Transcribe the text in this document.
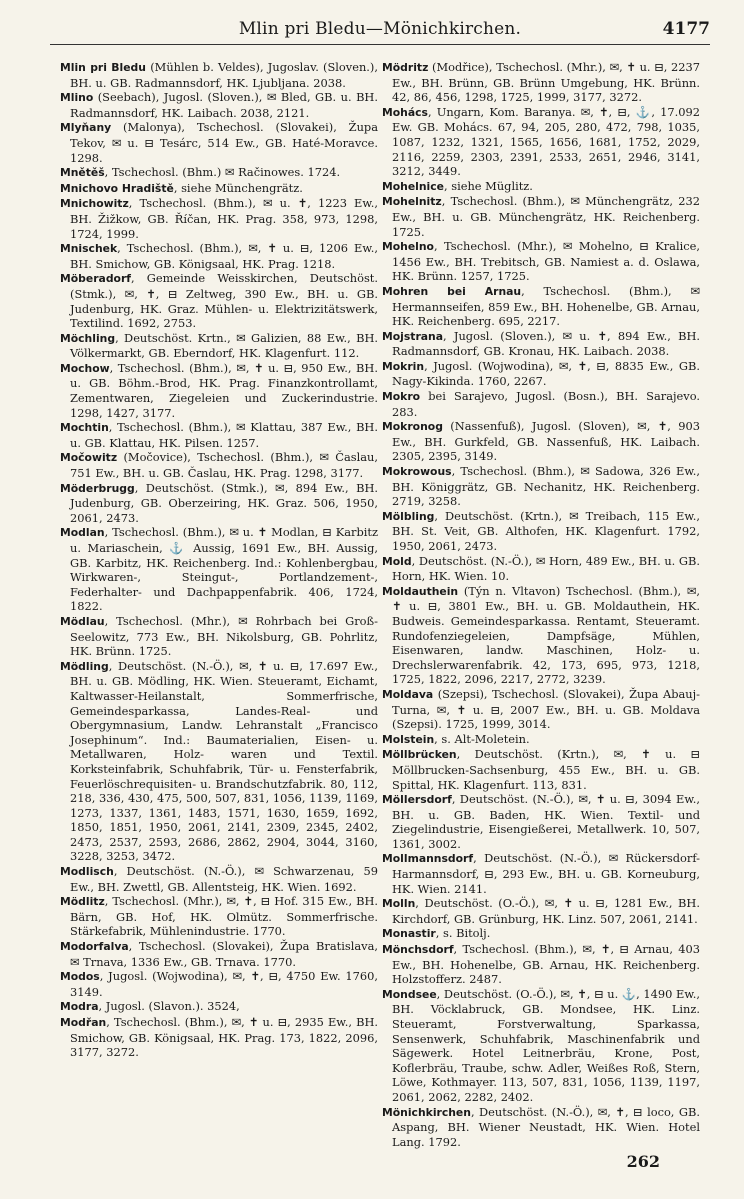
Mlin pri Bledu—Mönichkirchen.	4177
Mlin pri Bledu (Mühlen b. Veldes), Jugoslav. (Sloven.), BH. u. GB. Radmannsdorf, HK. Ljubljana. 2038.
Mlino (Seebach), Jugosl. (Sloven.), ✉ Bled, GB. u. BH. Radmannsdorf, HK. Laibach. 2038, 2121.
Mlyňany (Malonya), Tschechosl. (Slovakei), Župa Tekov, ✉ u. ⊟ Tesárc, 514 Ew., GB. Haté-Moravce. 1298.
Mnětěš, Tschechosl. (Bhm.) ✉ Račinowes. 1724.
Mnichovo Hradiště, siehe Münchengrätz.
Mnichowitz, Tschechosl. (Bhm.), ✉ u. ✝, 1223 Ew., BH. Žižkow, GB. Říčan, HK. Prag. 358, 973, 1298, 1724, 1999.
Mnischek, Tschechosl. (Bhm.), ✉, ✝ u. ⊟, 1206 Ew., BH. Smichow, GB. Königsaal, HK. Prag. 1218.
Möberadorf, Gemeinde Weisskirchen, Deutschöst. (Stmk.), ✉, ✝, ⊟ Zeltweg, 390 Ew., BH. u. GB. Judenburg, HK. Graz. Mühlen- u. Elektrizitätswerk, Textilind. 1692, 2753.
Möchling, Deutschöst. Krtn., ✉ Galizien, 88 Ew., BH. Völkermarkt, GB. Eberndorf, HK. Klagenfurt. 112.
Mochow, Tschechosl. (Bhm.), ✉, ✝ u. ⊟, 950 Ew., BH. u. GB. Böhm.-Brod, HK. Prag. Finanzkontrollamt, Zementwaren, Ziegeleien und Zuckerindustrie. 1298, 1427, 3177.
Mochtin, Tschechosl. (Bhm.), ✉ Klattau, 387 Ew., BH. u. GB. Klattau, HK. Pilsen. 1257.
Močowitz (Močovice), Tschechosl. (Bhm.), ✉ Časlau, 751 Ew., BH. u. GB. Časlau, HK. Prag. 1298, 3177.
Möderbrugg, Deutschöst. (Stmk.), ✉, 894 Ew., BH. Judenburg, GB. Oberzeiring, HK. Graz. 506, 1950, 2061, 2473.
Modlan, Tschechosl. (Bhm.), ✉ u. ✝ Modlan, ⊟ Karbitz u. Mariaschein, ⚓ Aussig, 1691 Ew., BH. Aussig, GB. Karbitz, HK. Reichenberg. Ind.: Kohlenbergbau, Wirkwaren-, Steingut-, Portlandzement-, Federhalter- und Dachpappenfabrik. 406, 1724, 1822.
Mödlau, Tschechosl. (Mhr.), ✉ Rohrbach bei Groß-Seelowitz, 773 Ew., BH. Nikolsburg, GB. Pohrlitz, HK. Brünn. 1725.
Mödling, Deutschöst. (N.-Ö.), ✉, ✝ u. ⊟, 17.697 Ew., BH. u. GB. Mödling, HK. Wien. Steueramt, Eichamt, Kaltwasser-Heilanstalt, Sommerfrische, Gemeindesparkassa, Landes-Real- und Obergymnasium, Landw. Lehranstalt „Francisco Josephinum“. Ind.: Baumaterialien, Eisen- u. Metallwaren, Holz- waren und Textil. Korksteinfabrik, Schuhfabrik, Tür- u. Fensterfabrik, Feuerlöschrequisiten- u. Brandschutzfabrik. 80, 112, 218, 336, 430, 475, 500, 507, 831, 1056, 1139, 1169, 1273, 1337, 1361, 1483, 1571, 1630, 1659, 1692, 1850, 1851, 1950, 2061, 2141, 2309, 2345, 2402, 2473, 2537, 2593, 2686, 2862, 2904, 3044, 3160, 3228, 3253, 3472.
Modlisch, Deutschöst. (N.-Ö.), ✉ Schwarzenau, 59 Ew., BH. Zwettl, GB. Allentsteig, HK. Wien. 1692.
Mödlitz, Tschechosl. (Mhr.), ✉, ✝, ⊟ Hof. 315 Ew., BH. Bärn, GB. Hof, HK. Olmütz. Sommerfrische. Stärkefabrik, Mühlenindustrie. 1770.
Modorfalva, Tschechosl. (Slovakei), Župa Bratislava, ✉ Trnava, 1336 Ew., GB. Trnava. 1770.
Modos, Jugosl. (Wojwodina), ✉, ✝, ⊟, 4750 Ew. 1760, 3149.
Modra, Jugosl. (Slavon.). 3524,
Modřan, Tschechosl. (Bhm.), ✉, ✝ u. ⊟, 2935 Ew., BH. Smichow, GB. Königsaal, HK. Prag. 173, 1822, 2096, 3177, 3272.
Mödritz (Modřice), Tschechosl. (Mhr.), ✉, ✝ u. ⊟, 2237 Ew., BH. Brünn, GB. Brünn Umgebung, HK. Brünn. 42, 86, 456, 1298, 1725, 1999, 3177, 3272.
Mohács, Ungarn, Kom. Baranya. ✉, ✝, ⊟, ⚓, 17.092 Ew. GB. Mohács. 67, 94, 205, 280, 472, 798, 1035, 1087, 1232, 1321, 1565, 1656, 1681, 1752, 2029, 2116, 2259, 2303, 2391, 2533, 2651, 2946, 3141, 3212, 3449.
Mohelnice, siehe Müglitz.
Mohelnitz, Tschechosl. (Bhm.), ✉ Münchengrätz, 232 Ew., BH. u. GB. Münchengrätz, HK. Reichenberg. 1725.
Mohelno, Tschechosl. (Mhr.), ✉ Mohelno, ⊟ Kralice, 1456 Ew., BH. Trebitsch, GB. Namiest a. d. Oslawa, HK. Brünn. 1257, 1725.
Mohren bei Arnau, Tschechosl. (Bhm.), ✉ Hermannseifen, 859 Ew., BH. Hohenelbe, GB. Arnau, HK. Reichenberg. 695, 2217.
Mojstrana, Jugosl. (Sloven.), ✉ u. ✝, 894 Ew., BH. Radmannsdorf, GB. Kronau, HK. Laibach. 2038.
Mokrin, Jugosl. (Wojwodina), ✉, ✝, ⊟, 8835 Ew., GB. Nagy-Kikinda. 1760, 2267.
Mokro bei Sarajevo, Jugosl. (Bosn.), BH. Sarajevo. 283.
Mokronog (Nassenfuß), Jugosl. (Sloven), ✉, ✝, 903 Ew., BH. Gurkfeld, GB. Nassenfuß, HK. Laibach. 2305, 2395, 3149.
Mokrowous, Tschechosl. (Bhm.), ✉ Sadowa, 326 Ew., BH. Königgrätz, GB. Nechanitz, HK. Reichenberg. 2719, 3258.
Mölbling, Deutschöst. (Krtn.), ✉ Treibach, 115 Ew., BH. St. Veit, GB. Althofen, HK. Klagenfurt. 1792, 1950, 2061, 2473.
Mold, Deutschöst. (N.-Ö.), ✉ Horn, 489 Ew., BH. u. GB. Horn, HK. Wien. 10.
Moldauthein (Týn n. Vltavon) Tschechosl. (Bhm.), ✉, ✝ u. ⊟, 3801 Ew., BH. u. GB. Moldauthein, HK. Budweis. Gemeindesparkassa. Rentamt, Steueramt. Rundofenziegeleien, Dampfsäge, Mühlen, Eisenwaren, landw. Maschinen, Holz- u. Drechslerwarenfabrik. 42, 173, 695, 973, 1218, 1725, 1822, 2096, 2217, 2772, 3239.
Moldava (Szepsi), Tschechosl. (Slovakei), Župa Abauj-Turna, ✉, ✝ u. ⊟, 2007 Ew., BH. u. GB. Moldava (Szepsi). 1725, 1999, 3014.
Molstein, s. Alt-Moletein.
Möllbrücken, Deutschöst. (Krtn.), ✉, ✝ u. ⊟ Möllbrucken-Sachsenburg, 455 Ew., BH. u. GB. Spittal, HK. Klagenfurt. 113, 831.
Möllersdorf, Deutschöst. (N.-Ö.), ✉, ✝ u. ⊟, 3094 Ew., BH. u. GB. Baden, HK. Wien. Textil- und Ziegelindustrie, Eisengießerei, Metallwerk. 10, 507, 1361, 3002.
Mollmannsdorf, Deutschöst. (N.-Ö.), ✉ Rückersdorf-Harmannsdorf, ⊟, 293 Ew., BH. u. GB. Korneuburg, HK. Wien. 2141.
Molln, Deutschöst. (O.-Ö.), ✉, ✝ u. ⊟, 1281 Ew., BH. Kirchdorf, GB. Grünburg, HK. Linz. 507, 2061, 2141.
Monastir, s. Bitolj.
Mönchsdorf, Tschechosl. (Bhm.), ✉, ✝, ⊟ Arnau, 403 Ew., BH. Hohenelbe, GB. Arnau, HK. Reichenberg. Holzstofferz. 2487.
Mondsee, Deutschöst. (O.-Ö.), ✉, ✝, ⊟ u. ⚓, 1490 Ew., BH. Vöcklabruck, GB. Mondsee, HK. Linz. Steueramt, Forstverwaltung, Sparkassa, Sensenwerk, Schuhfabrik, Maschinenfabrik und Sägewerk. Hotel Leitnerbräu, Krone, Post, Koflerbräu, Traube, schw. Adler, Weißes Roß, Stern, Löwe, Kothmayer. 113, 507, 831, 1056, 1139, 1197, 2061, 2062, 2282, 2402.
Mönichkirchen, Deutschöst. (N.-Ö.), ✉, ✝, ⊟ loco, GB. Aspang, BH. Wiener Neustadt, HK. Wien. Hotel Lang. 1792.
262
